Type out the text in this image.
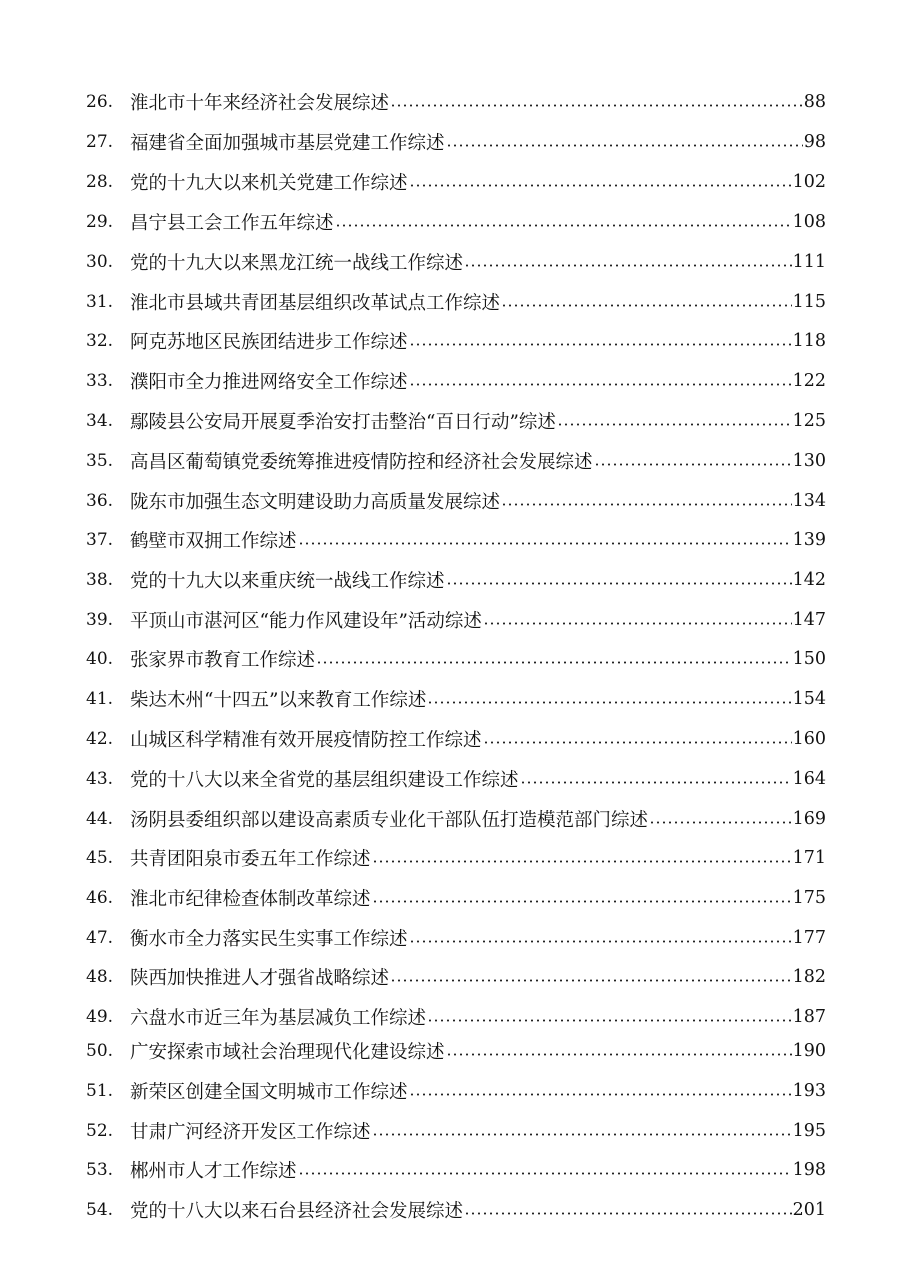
26. 淮北市十年来经济社会发展综述	88
27. 福建省全面加强城市基层党建工作综述	98
28. 党的十九大以来机关党建工作综述	102
29. 昌宁县工会工作五年综述	108
30. 党的十九大以来黑龙江统一战线工作综述	111
31. 淮北市县域共青团基层组织改革试点工作综述	115
32. 阿克苏地区民族团结进步工作综述	118
33. 濮阳市全力推进网络安全工作综述	122
34. 鄢陵县公安局开展夏季治安打击整治“百日行动”综述	125
35. 高昌区葡萄镇党委统筹推进疫情防控和经济社会发展综述	130
36. 陇东市加强生态文明建设助力高质量发展综述	134
37. 鹤壁市双拥工作综述	139
38. 党的十九大以来重庆统一战线工作综述	142
39. 平顶山市湛河区“能力作风建设年”活动综述	147
40. 张家界市教育工作综述	150
41. 柴达木州“十四五”以来教育工作综述	154
42. 山城区科学精准有效开展疫情防控工作综述	160
43. 党的十八大以来全省党的基层组织建设工作综述	164
44. 汤阴县委组织部以建设高素质专业化干部队伍打造模范部门综述	169
45. 共青团阳泉市委五年工作综述	171
46. 淮北市纪律检查体制改革综述	175
47. 衡水市全力落实民生实事工作综述	177
48. 陕西加快推进人才强省战略综述	182
49. 六盘水市近三年为基层减负工作综述	187
50. 广安探索市域社会治理现代化建设综述	190
51. 新荣区创建全国文明城市工作综述	193
52. 甘肃广河经济开发区工作综述	195
53. 郴州市人才工作综述	198
54. 党的十八大以来石台县经济社会发展综述	201
